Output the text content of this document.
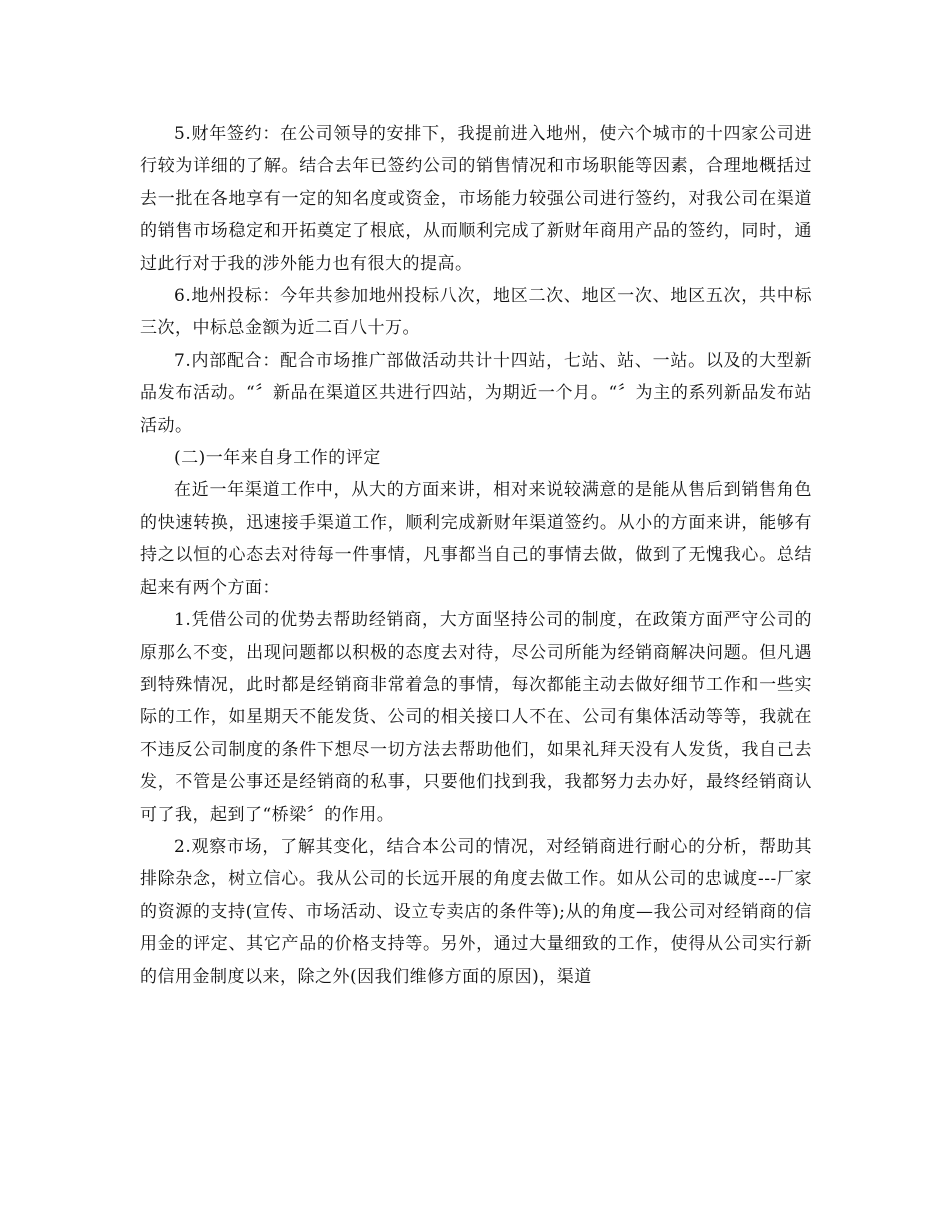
5.财年签约：在公司领导的安排下，我提前进入地州，使六个城市的十四家公司进行较为详细的了解。结合去年已签约公司的销售情况和市场职能等因素，合理地概括过去一批在各地享有一定的知名度或资金，市场能力较强公司进行签约，对我公司在渠道的销售市场稳定和开拓奠定了根底，从而顺利完成了新财年商用产品的签约，同时，通过此行对于我的涉外能力也有很大的提高。

6.地州投标：今年共参加地州投标八次，地区二次、地区一次、地区五次，共中标三次，中标总金额为近二百八十万。

7.内部配合：配合市场推广部做活动共计十四站，七站、站、一站。以及的大型新品发布活动。“〞新品在渠道区共进行四站，为期近一个月。“〞为主的系列新品发布站活动。

(二)一年来自身工作的评定

在近一年渠道工作中，从大的方面来讲，相对来说较满意的是能从售后到销售角色的快速转换，迅速接手渠道工作，顺利完成新财年渠道签约。从小的方面来讲，能够有持之以恒的心态去对待每一件事情，凡事都当自己的事情去做，做到了无愧我心。总结起来有两个方面：

1.凭借公司的优势去帮助经销商，大方面坚持公司的制度，在政策方面严守公司的原那么不变，出现问题都以积极的态度去对待，尽公司所能为经销商解决问题。但凡遇到特殊情况，此时都是经销商非常着急的事情，每次都能主动去做好细节工作和一些实际的工作，如星期天不能发货、公司的相关接口人不在、公司有集体活动等等，我就在不违反公司制度的条件下想尽一切方法去帮助他们，如果礼拜天没有人发货，我自己去发，不管是公事还是经销商的私事，只要他们找到我，我都努力去办好，最终经销商认可了我，起到了“桥梁〞的作用。

2.观察市场，了解其变化，结合本公司的情况，对经销商进行耐心的分析，帮助其排除杂念，树立信心。我从公司的长远开展的角度去做工作。如从公司的忠诚度---厂家的资源的支持(宣传、市场活动、设立专卖店的条件等);从的角度—我公司对经销商的信用金的评定、其它产品的价格支持等。另外，通过大量细致的工作，使得从公司实行新的信用金制度以来，除之外(因我们维修方面的原因)，渠道
